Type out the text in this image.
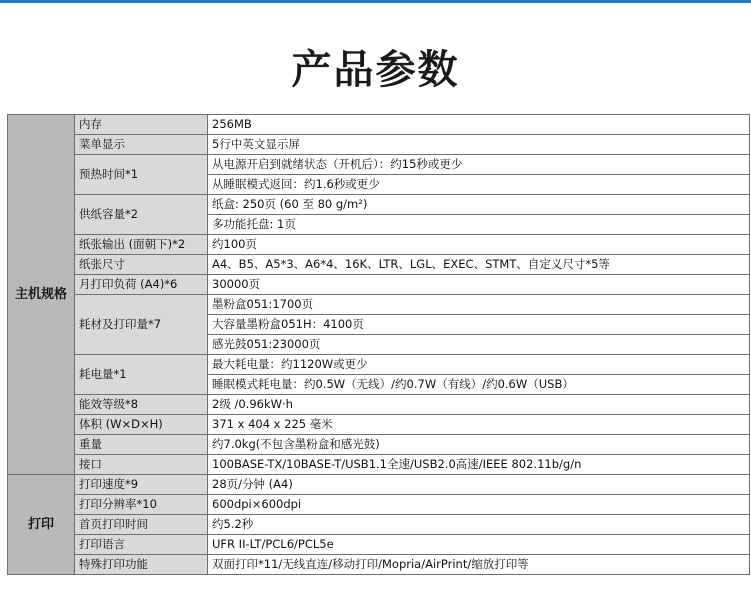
产品参数
主机规格	内存	256MB
	菜单显示	5行中英文显示屏
	预热时间*1	从电源开启到就绪状态（开机后）：约15秒或更少
		从睡眠模式返回：约1.6秒或更少
	供纸容量*2	纸盒: 250页 (60 至 80 g/m²)
		多功能托盘: 1页
	纸张输出 (面朝下)*2	约100页
	纸张尺寸	A4、B5、A5*3、A6*4、16K、LTR、LGL、EXEC、STMT、自定义尺寸*5等
	月打印负荷 (A4)*6	30000页
	耗材及打印量*7	墨粉盒051:1700页
		大容量墨粉盒051H：4100页
		感光鼓051:23000页
	耗电量*1	最大耗电量：约1120W或更少
		睡眠模式耗电量：约0.5W（无线）/约0.7W（有线）/约0.6W（USB）
	能效等级*8	2级 /0.96kW·h
	体积 (W×D×H)	371 x 404 x 225 毫米
	重量	约7.0kg(不包含墨粉盒和感光鼓)
	接口	100BASE-TX/10BASE-T/USB1.1全速/USB2.0高速/IEEE 802.11b/g/n

打印	打印速度*9	28页/分钟 (A4)
	打印分辨率*10	600dpi×600dpi
	首页打印时间	约5.2秒
	打印语言	UFR II-LT/PCL6/PCL5e
	特殊打印功能	双面打印*11/无线直连/移动打印/Mopria/AirPrint/缩放打印等
